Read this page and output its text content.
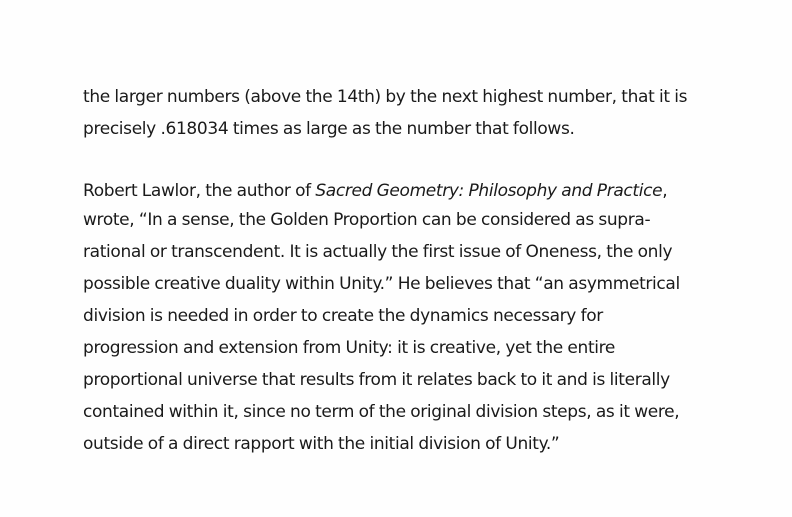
the larger numbers (above the 14th) by the next highest number, that it is
precisely .618034 times as large as the number that follows.
Robert Lawlor, the author of Sacred Geometry: Philosophy and Practice,
wrote, “In a sense, the Golden Proportion can be considered as supra-
rational or transcendent. It is actually the first issue of Oneness, the only
possible creative duality within Unity.” He believes that “an asymmetrical
division is needed in order to create the dynamics necessary for
progression and extension from Unity: it is creative, yet the entire
proportional universe that results from it relates back to it and is literally
contained within it, since no term of the original division steps, as it were,
outside of a direct rapport with the initial division of Unity.”
